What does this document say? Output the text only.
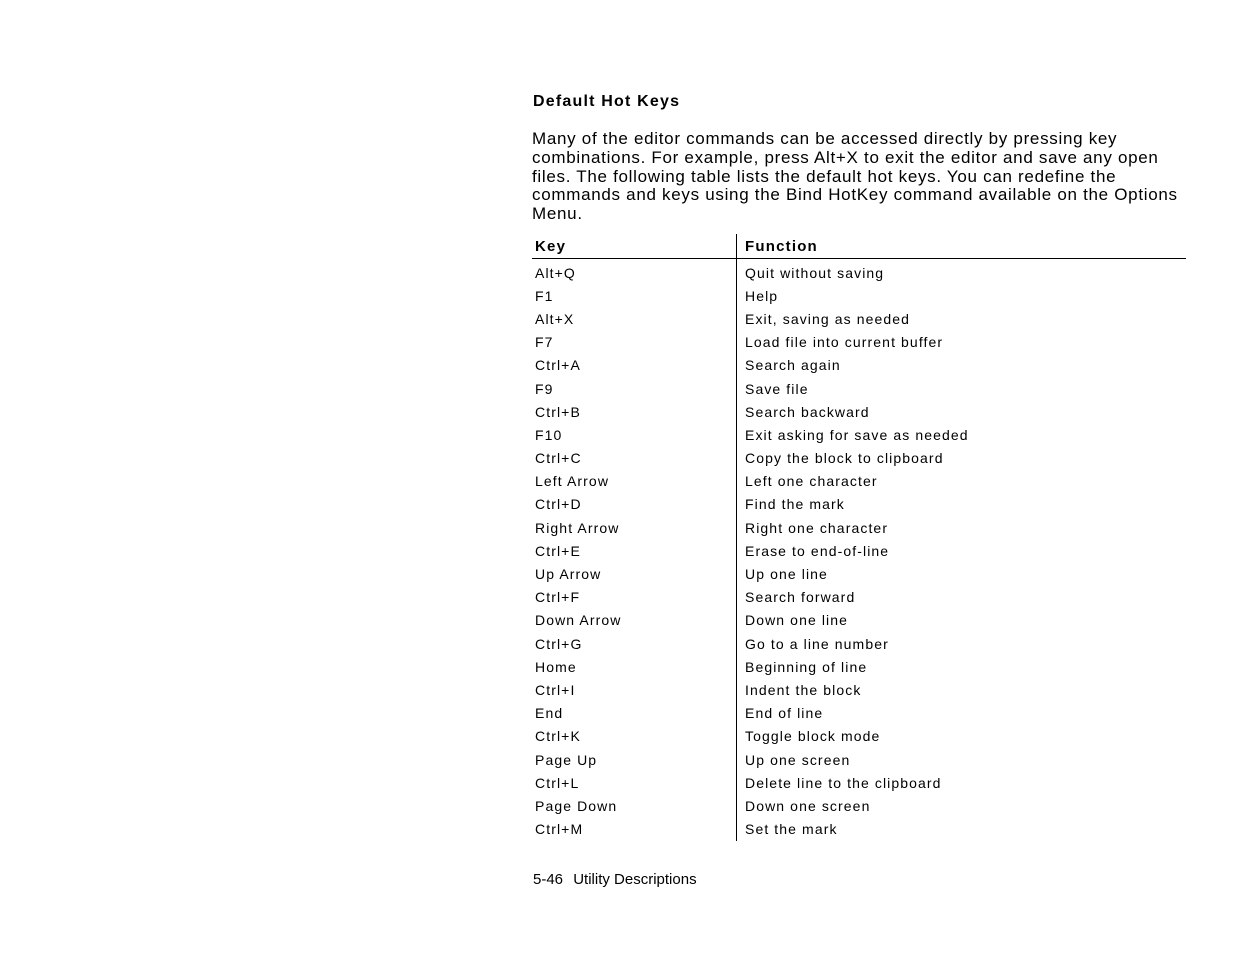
Default Hot Keys

Many of the editor commands can be accessed directly by pressing key combinations. For example, press Alt+X to exit the editor and save any open files. The following table lists the default hot keys. You can redefine the commands and keys using the Bind HotKey command available on the Options Menu.

Key	Function
Alt+Q	Quit without saving
F1	Help
Alt+X	Exit, saving as needed
F7	Load file into current buffer
Ctrl+A	Search again
F9	Save file
Ctrl+B	Search backward
F10	Exit asking for save as needed
Ctrl+C	Copy the block to clipboard
Left Arrow	Left one character
Ctrl+D	Find the mark
Right Arrow	Right one character
Ctrl+E	Erase to end-of-line
Up Arrow	Up one line
Ctrl+F	Search forward
Down Arrow	Down one line
Ctrl+G	Go to a line number
Home	Beginning of line
Ctrl+I	Indent the block
End	End of line
Ctrl+K	Toggle block mode
Page Up	Up one screen
Ctrl+L	Delete line to the clipboard
Page Down	Down one screen
Ctrl+M	Set the mark

5-46 Utility Descriptions
